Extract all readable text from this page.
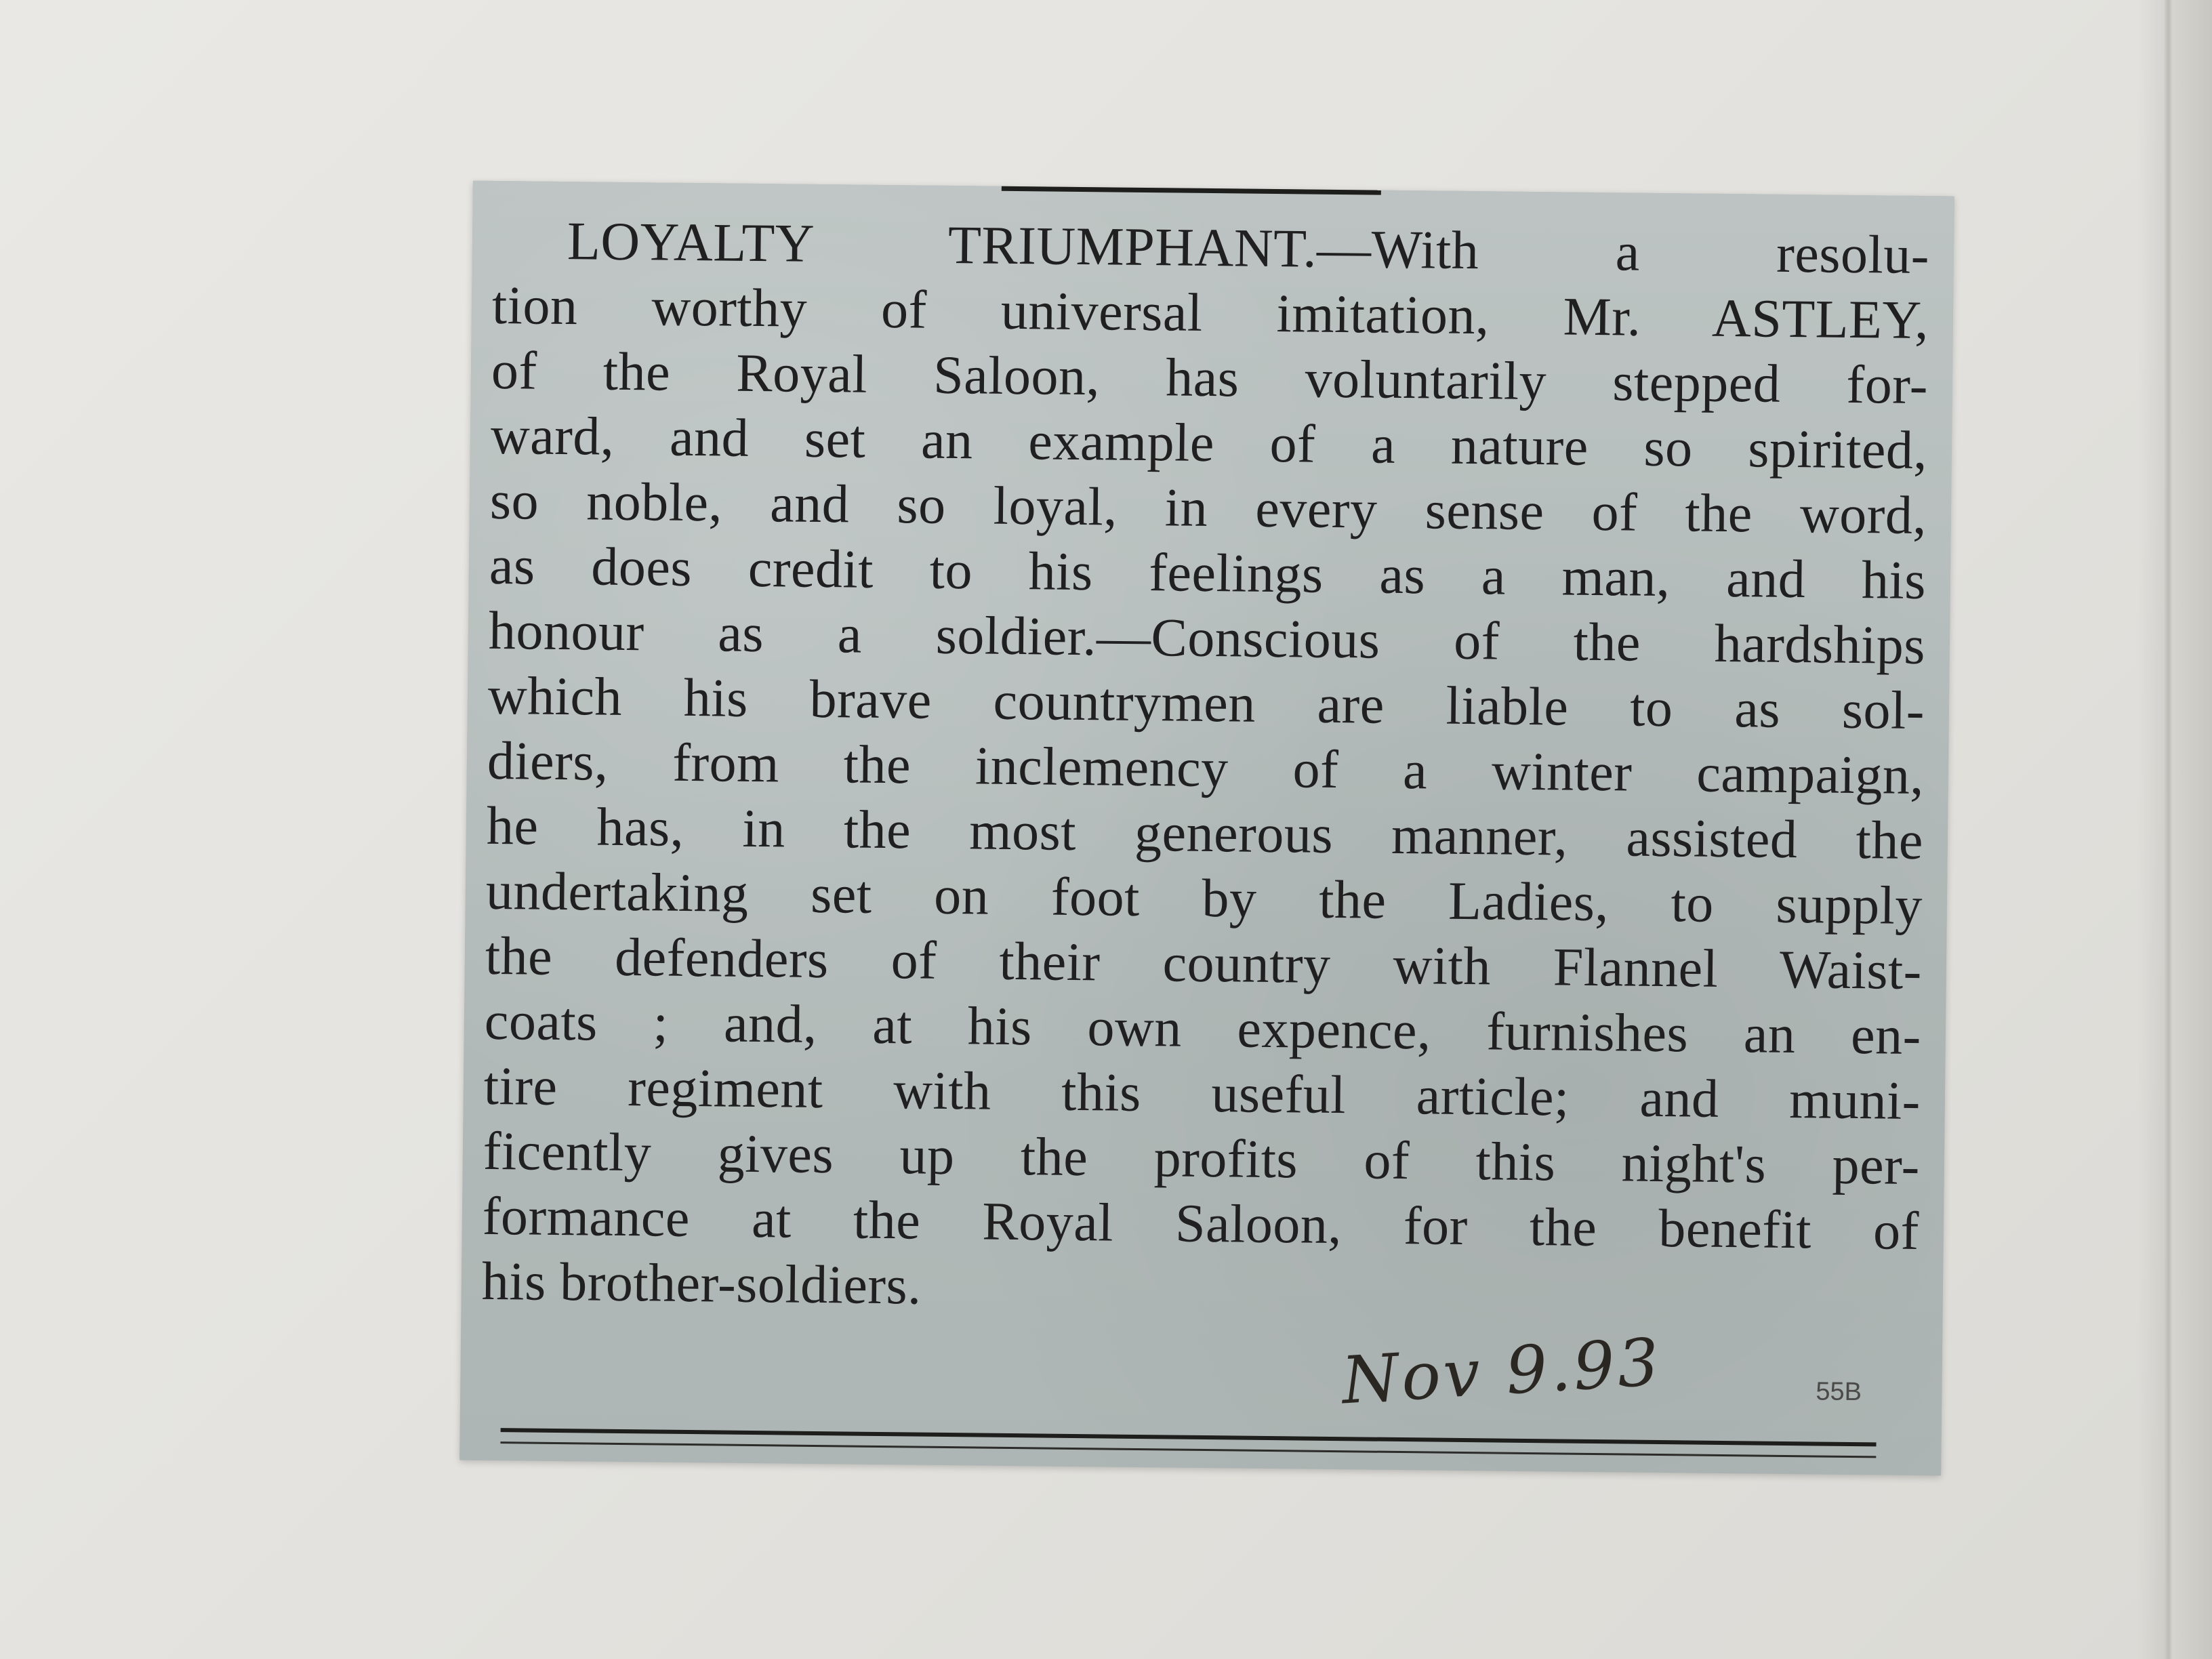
LOYALTY TRIUMPHANT.—With a resolu-
tion worthy of universal imitation, Mr. ASTLEY,
of the Royal Saloon, has voluntarily stepped for-
ward, and set an example of a nature so spirited,
so noble, and so loyal, in every sense of the word,
as does credit to his feelings as a man, and his
honour as a soldier.—Conscious of the hardships
which his brave countrymen are liable to as sol-
diers, from the inclemency of a winter campaign,
he has, in the most generous manner, assisted the
undertaking set on foot by the Ladies, to supply
the defenders of their country with Flannel Waist-
coats ; and, at his own expence, furnishes an en-
tire regiment with this useful article; and muni-
ficently gives up the profits of this night's per-
formance at the Royal Saloon, for the benefit of
his brother-soldiers.
Nov 9.93	55B
